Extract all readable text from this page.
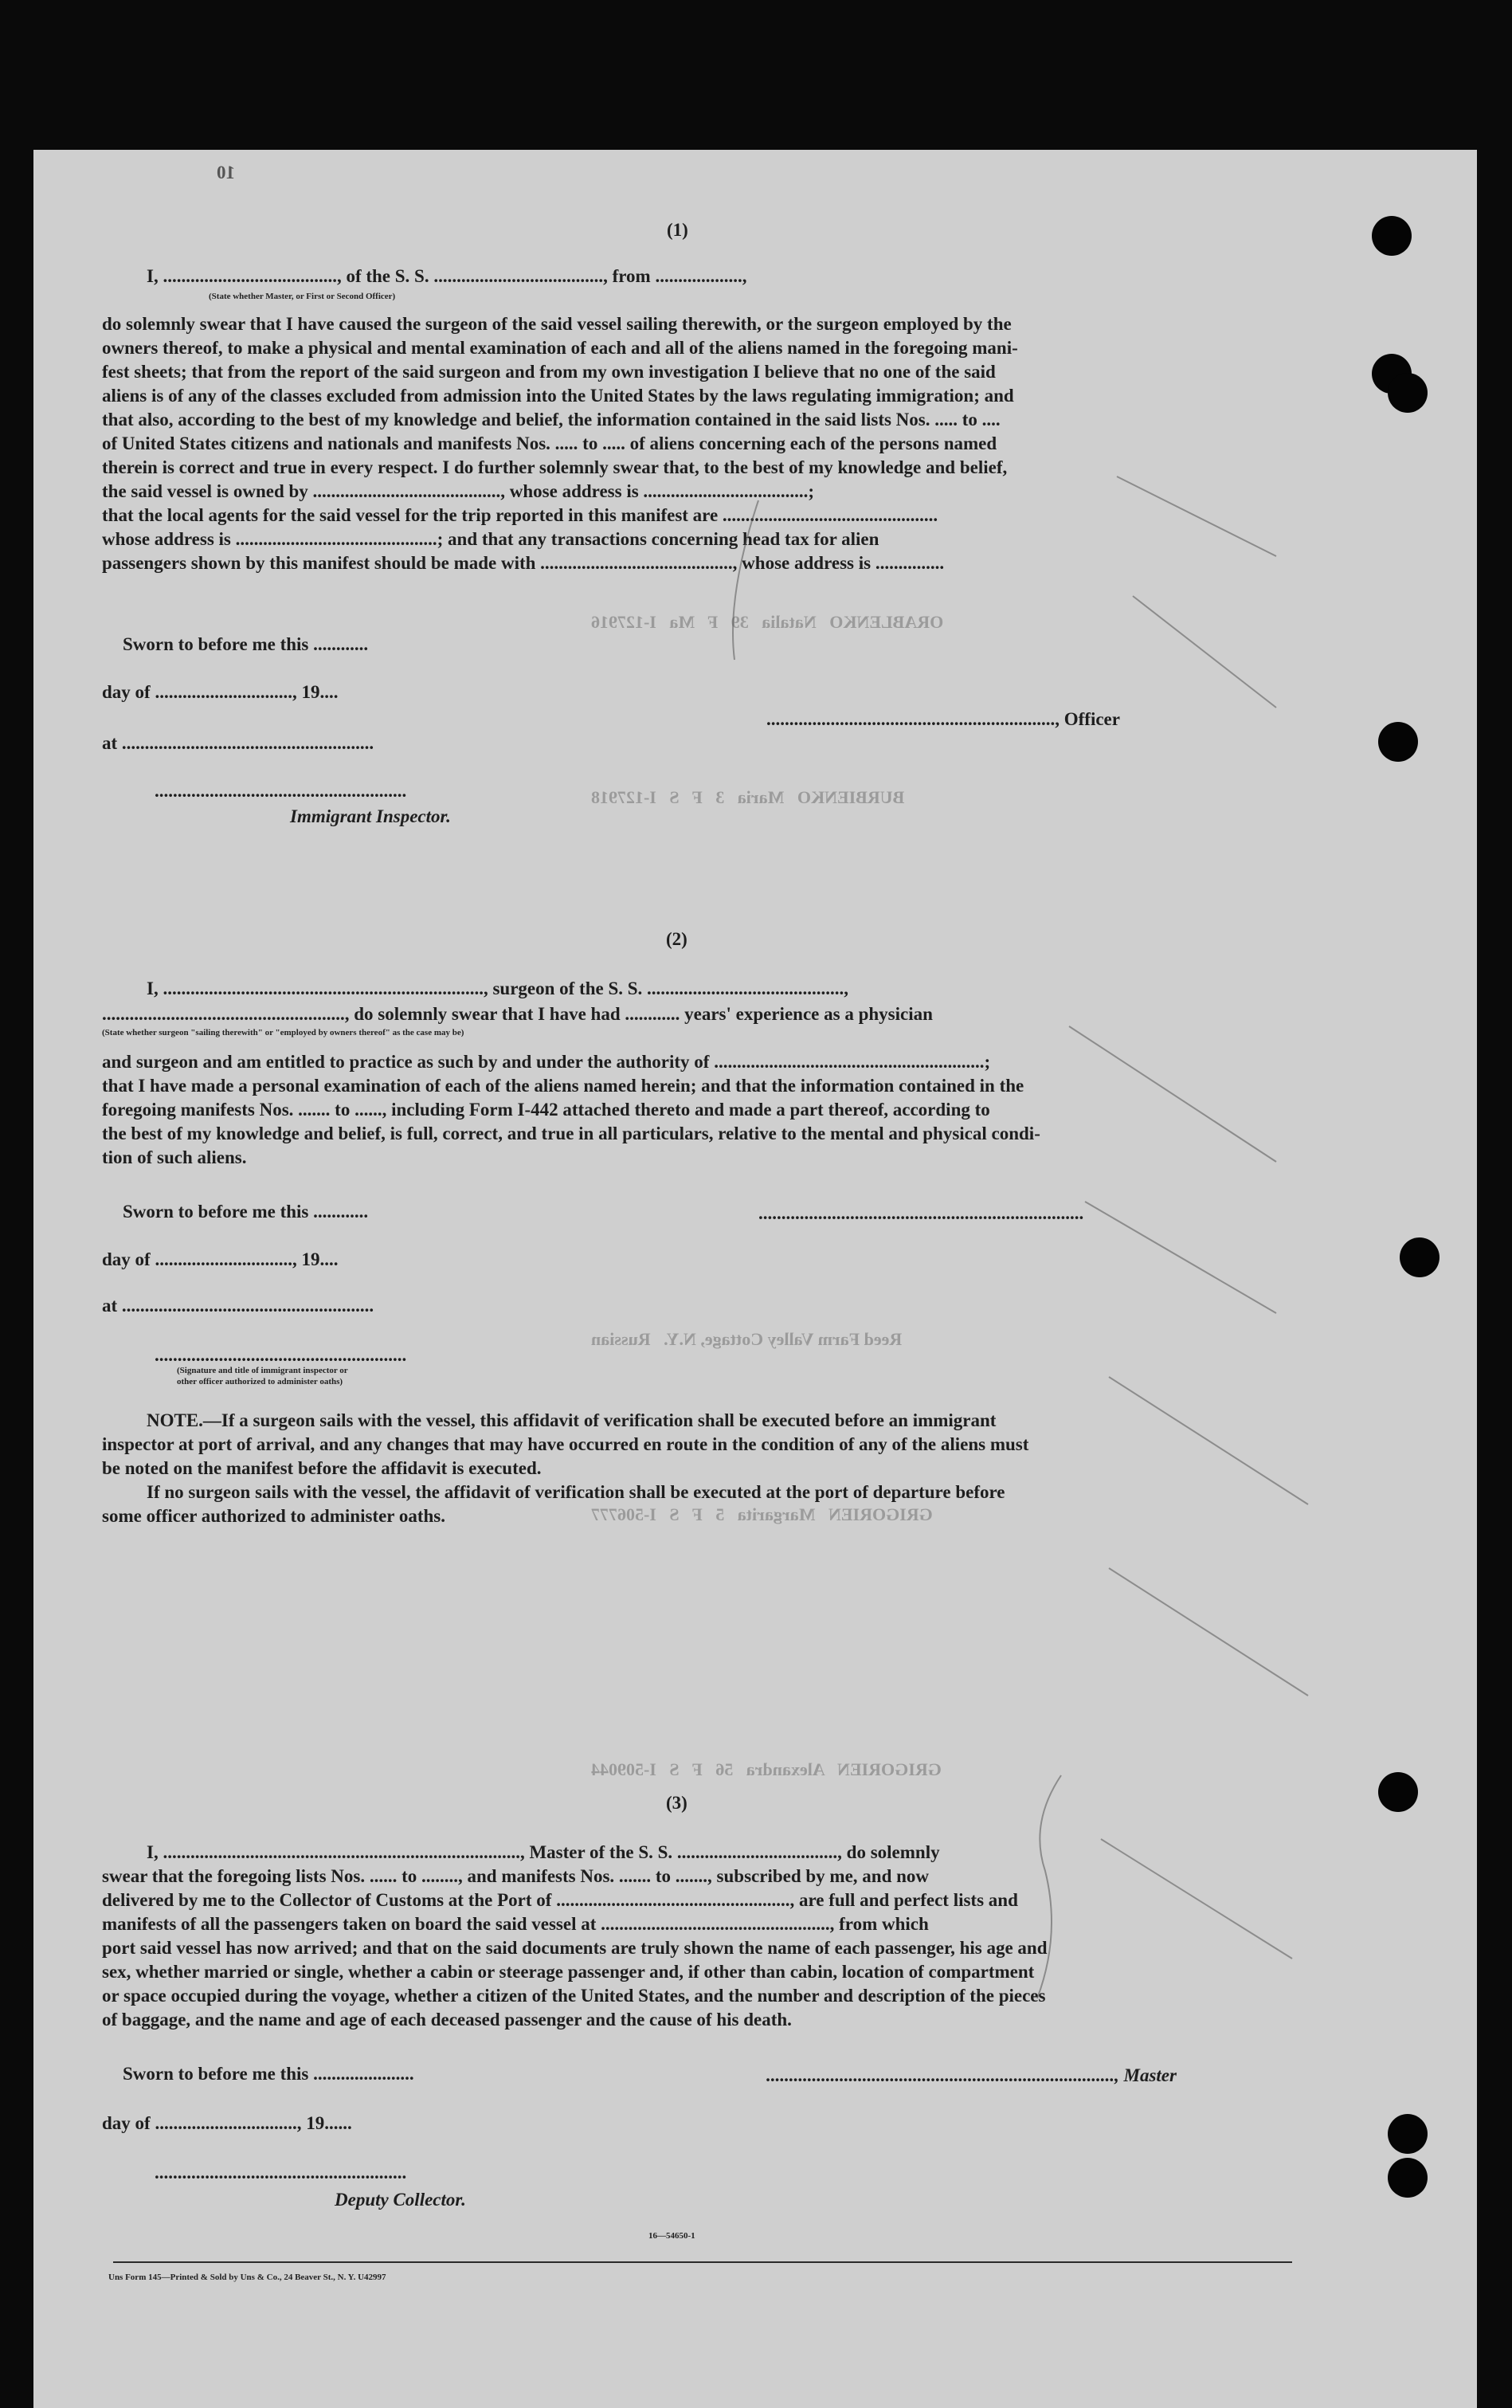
ORABLENKO   Natalia   39   F   Ma   I-127916
BURBIENKO   Maria   3   F   S   I-127918
Reed Farm Valley Cottage, N.Y.   Russian
GRIGORIEN   Margarita   5   F   S   I-506777
GRIGORIEN   Alexandra   56   F   S   I-509044
10
(1)
I, ......................................, of the S. S. ....................................., from ...................,
(State whether Master, or First or Second Officer)
do solemnly swear that I have caused the surgeon of the said vessel sailing therewith, or the surgeon employed by the
owners thereof, to make a physical and mental examination of each and all of the aliens named in the foregoing mani-
fest sheets; that from the report of the said surgeon and from my own investigation I believe that no one of the said
aliens is of any of the classes excluded from admission into the United States by the laws regulating immigration; and
that also, according to the best of my knowledge and belief, the information contained in the said lists Nos. ..... to ....
of United States citizens and nationals and manifests Nos. ..... to ..... of aliens concerning each of the persons named
therein is correct and true in every respect. I do further solemnly swear that, to the best of my knowledge and belief,
the said vessel is owned by ........................................., whose address is ....................................;
that the local agents for the said vessel for the trip reported in this manifest are ...............................................
whose address is ............................................; and that any transactions concerning head tax for alien
passengers shown by this manifest should be made with .........................................., whose address is ...............
Sworn to before me this ............
day of .............................., 19....
..............................................................., Officer
at .......................................................
.......................................................
Immigrant Inspector.
(2)
I, ......................................................................, surgeon of the S. S. ...........................................,
....................................................., do solemnly swear that I have had ............ years' experience as a physician
(State whether surgeon "sailing therewith" or "employed by owners thereof" as the case may be)
and surgeon and am entitled to practice as such by and under the authority of ...........................................................;
that I have made a personal examination of each of the aliens named herein; and that the information contained in the
foregoing manifests Nos. ....... to ......, including Form I-442 attached thereto and made a part thereof, according to
the best of my knowledge and belief, is full, correct, and true in all particulars, relative to the mental and physical condi-
tion of such aliens.
Sworn to before me this ............	.......................................................................
day of .............................., 19....
at .......................................................
.......................................................
(Signature and title of immigrant inspector or
other officer authorized to administer oaths)
NOTE.—If a surgeon sails with the vessel, this affidavit of verification shall be executed before an immigrant
inspector at port of arrival, and any changes that may have occurred en route in the condition of any of the aliens must
be noted on the manifest before the affidavit is executed.
If no surgeon sails with the vessel, the affidavit of verification shall be executed at the port of departure before
some officer authorized to administer oaths.
(3)
I, .............................................................................., Master of the S. S. ..................................., do solemnly
swear that the foregoing lists Nos. ...... to ........, and manifests Nos. ....... to ......., subscribed by me, and now
delivered by me to the Collector of Customs at the Port of ..................................................., are full and perfect lists and
manifests of all the passengers taken on board the said vessel at .................................................., from which
port said vessel has now arrived; and that on the said documents are truly shown the name of each passenger, his age and
sex, whether married or single, whether a cabin or steerage passenger and, if other than cabin, location of compartment
or space occupied during the voyage, whether a citizen of the United States, and the number and description of the pieces
of baggage, and the name and age of each deceased passenger and the cause of his death.
Sworn to before me this ......................	............................................................................, Master
day of ..............................., 19......
.......................................................
Deputy Collector.
16—54650-1
Uns Form 145—Printed & Sold by Uns & Co., 24 Beaver St., N. Y. U42997
